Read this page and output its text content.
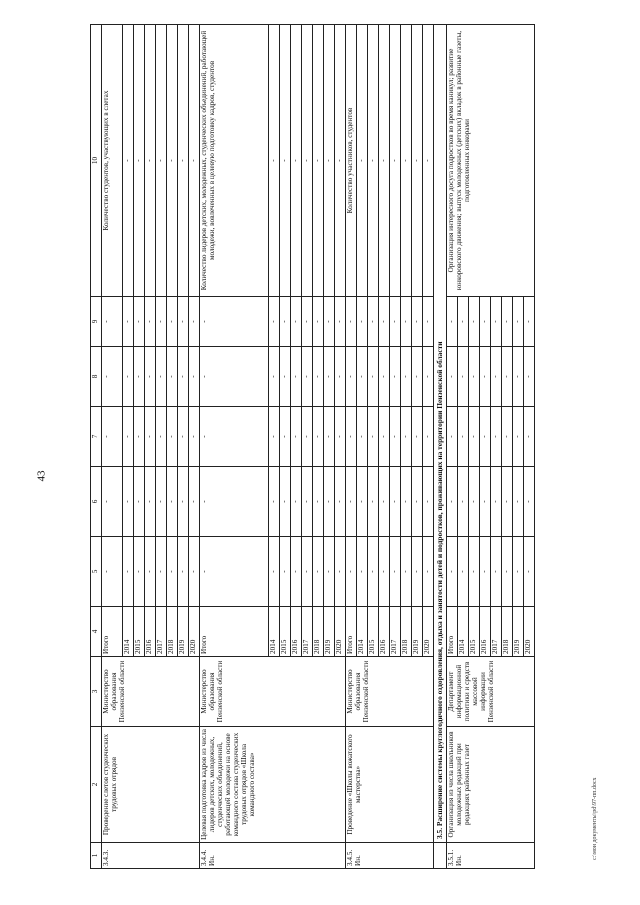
43
c:\мои документы\pd\97-пп.docx
1	2	3	4	5	6	7	8	9	10
3.4.3.	Проведение слетов студенческих трудовых отрядов	Министерство образования Пензенской области	Итого	-	-	-	-	-	Количество студентов, участвующих в слетах
			2014	-	-	-	-	-	-
			2015	-	-	-	-	-	-
			2016	-	-	-	-	-	-
			2017	-	-	-	-	-	-
			2018	-	-	-	-	-	-
			2019	-	-	-	-	-	-
			2020	-	-	-	-	-	-
3.4.4. Ин.	Целевая подготовка кадров из числа лидеров детских, молодежных, студенческих объединений, работающей молодежи на основе командного состава студенческих трудовых отрядов «Школа командного состава»	Министерство образования Пензенской области	Итого	-	-	-	-	-	Количество лидеров детских, молодежных, студенческих объединений, работающей молодежи, вовлеченных в целевую подготовку кадров, студентов
			2014	-	-	-	-	-	-
			2015	-	-	-	-	-	-
			2016	-	-	-	-	-	-
			2017	-	-	-	-	-	-
			2018	-	-	-	-	-	-
			2019	-	-	-	-	-	-
			2020	-	-	-	-	-	-
3.4.5. Ин.	Проведение «Школы вожатского мастерства»	Министерство образования Пензенской области	Итого	-	-	-	-	-	Количество участников, студентов
			2014	-	-	-	-	-	-
			2015	-	-	-	-	-	-
			2016	-	-	-	-	-	-
			2017	-	-	-	-	-	-
			2018	-	-	-	-	-	-
			2019	-	-	-	-	-	-
			2020	-	-	-	-	-	-
	3.5. Расширение системы круглогодичного оздоровления, отдыха и занятости детей и подростков, проживающих на территории Пензенской области								
3.5.1. Ин.	Организация из числа школьников молодежных редакций при редакциях районных газет	Департамент информационной политики и средств массовой информации Пензенской области	Итого	-	-	-	-	-	Организация интересного досуга подростков во время каникул; развитие юнкоровского движения; выпуск молодежных (детских) вкладок в районные газеты, подготовленных юнкорами
			2014	-	-	-	-	-	
			2015	-	-	-	-	-	
			2016	-	-	-	-	-	
			2017	-	-	-	-	-	
			2018	-	-	-	-	-	
			2019	-	-	-	-	-	
			2020	-	-	-	-	-	
